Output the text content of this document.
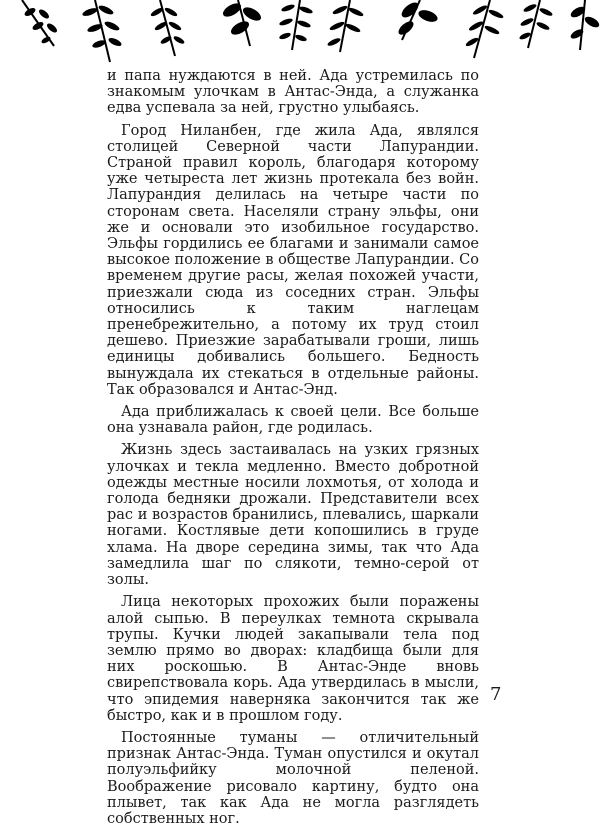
и папа нуждаются в ней. Ада устремилась по знакомым улочкам в Антас-Энда, а служанка едва успевала за ней, грустно улыбаясь.

Город Ниланбен, где жила Ада, являлся столицей Северной части Лапурандии. Страной правил король, благодаря которому уже четыреста лет жизнь протекала без войн. Лапурандия делилась на четыре части по сторонам света. Населяли страну эльфы, они же и основали это изобильное государство. Эльфы гордились ее благами и занимали самое высокое положение в обществе Лапурандии. Со временем другие расы, желая похожей участи, приезжали сюда из соседних стран. Эльфы относились к таким наглецам пренебрежительно, а потому их труд стоил дешево. Приезжие зарабатывали гроши, лишь единицы добивались большего. Бедность вынуждала их стекаться в отдельные районы. Так образовался и Антас-Энд.

Ада приближалась к своей цели. Все больше она узнавала район, где родилась.

Жизнь здесь застаивалась на узких грязных улочках и текла медленно. Вместо добротной одежды местные носили лохмотья, от холода и голода бедняки дрожали. Представители всех рас и возрастов бранились, плевались, шаркали ногами. Костлявые дети копошились в груде хлама. На дворе середина зимы, так что Ада замедлила шаг по слякоти, темно-серой от золы.

Лица некоторых прохожих были поражены алой сыпью. В переулках темнота скрывала трупы. Кучки людей закапывали тела под землю прямо во дворах: кладбища были для них роскошью. В Антас-Энде вновь свирепствовала корь. Ада утвердилась в мысли, что эпидемия наверняка закончится так же быстро, как и в прошлом году.

Постоянные туманы — отличительный признак Антас-Энда. Туман опустился и окутал полуэльфийку молочной пеленой. Воображение рисовало картину, будто она плывет, так как Ада не могла разглядеть собственных ног.

7
